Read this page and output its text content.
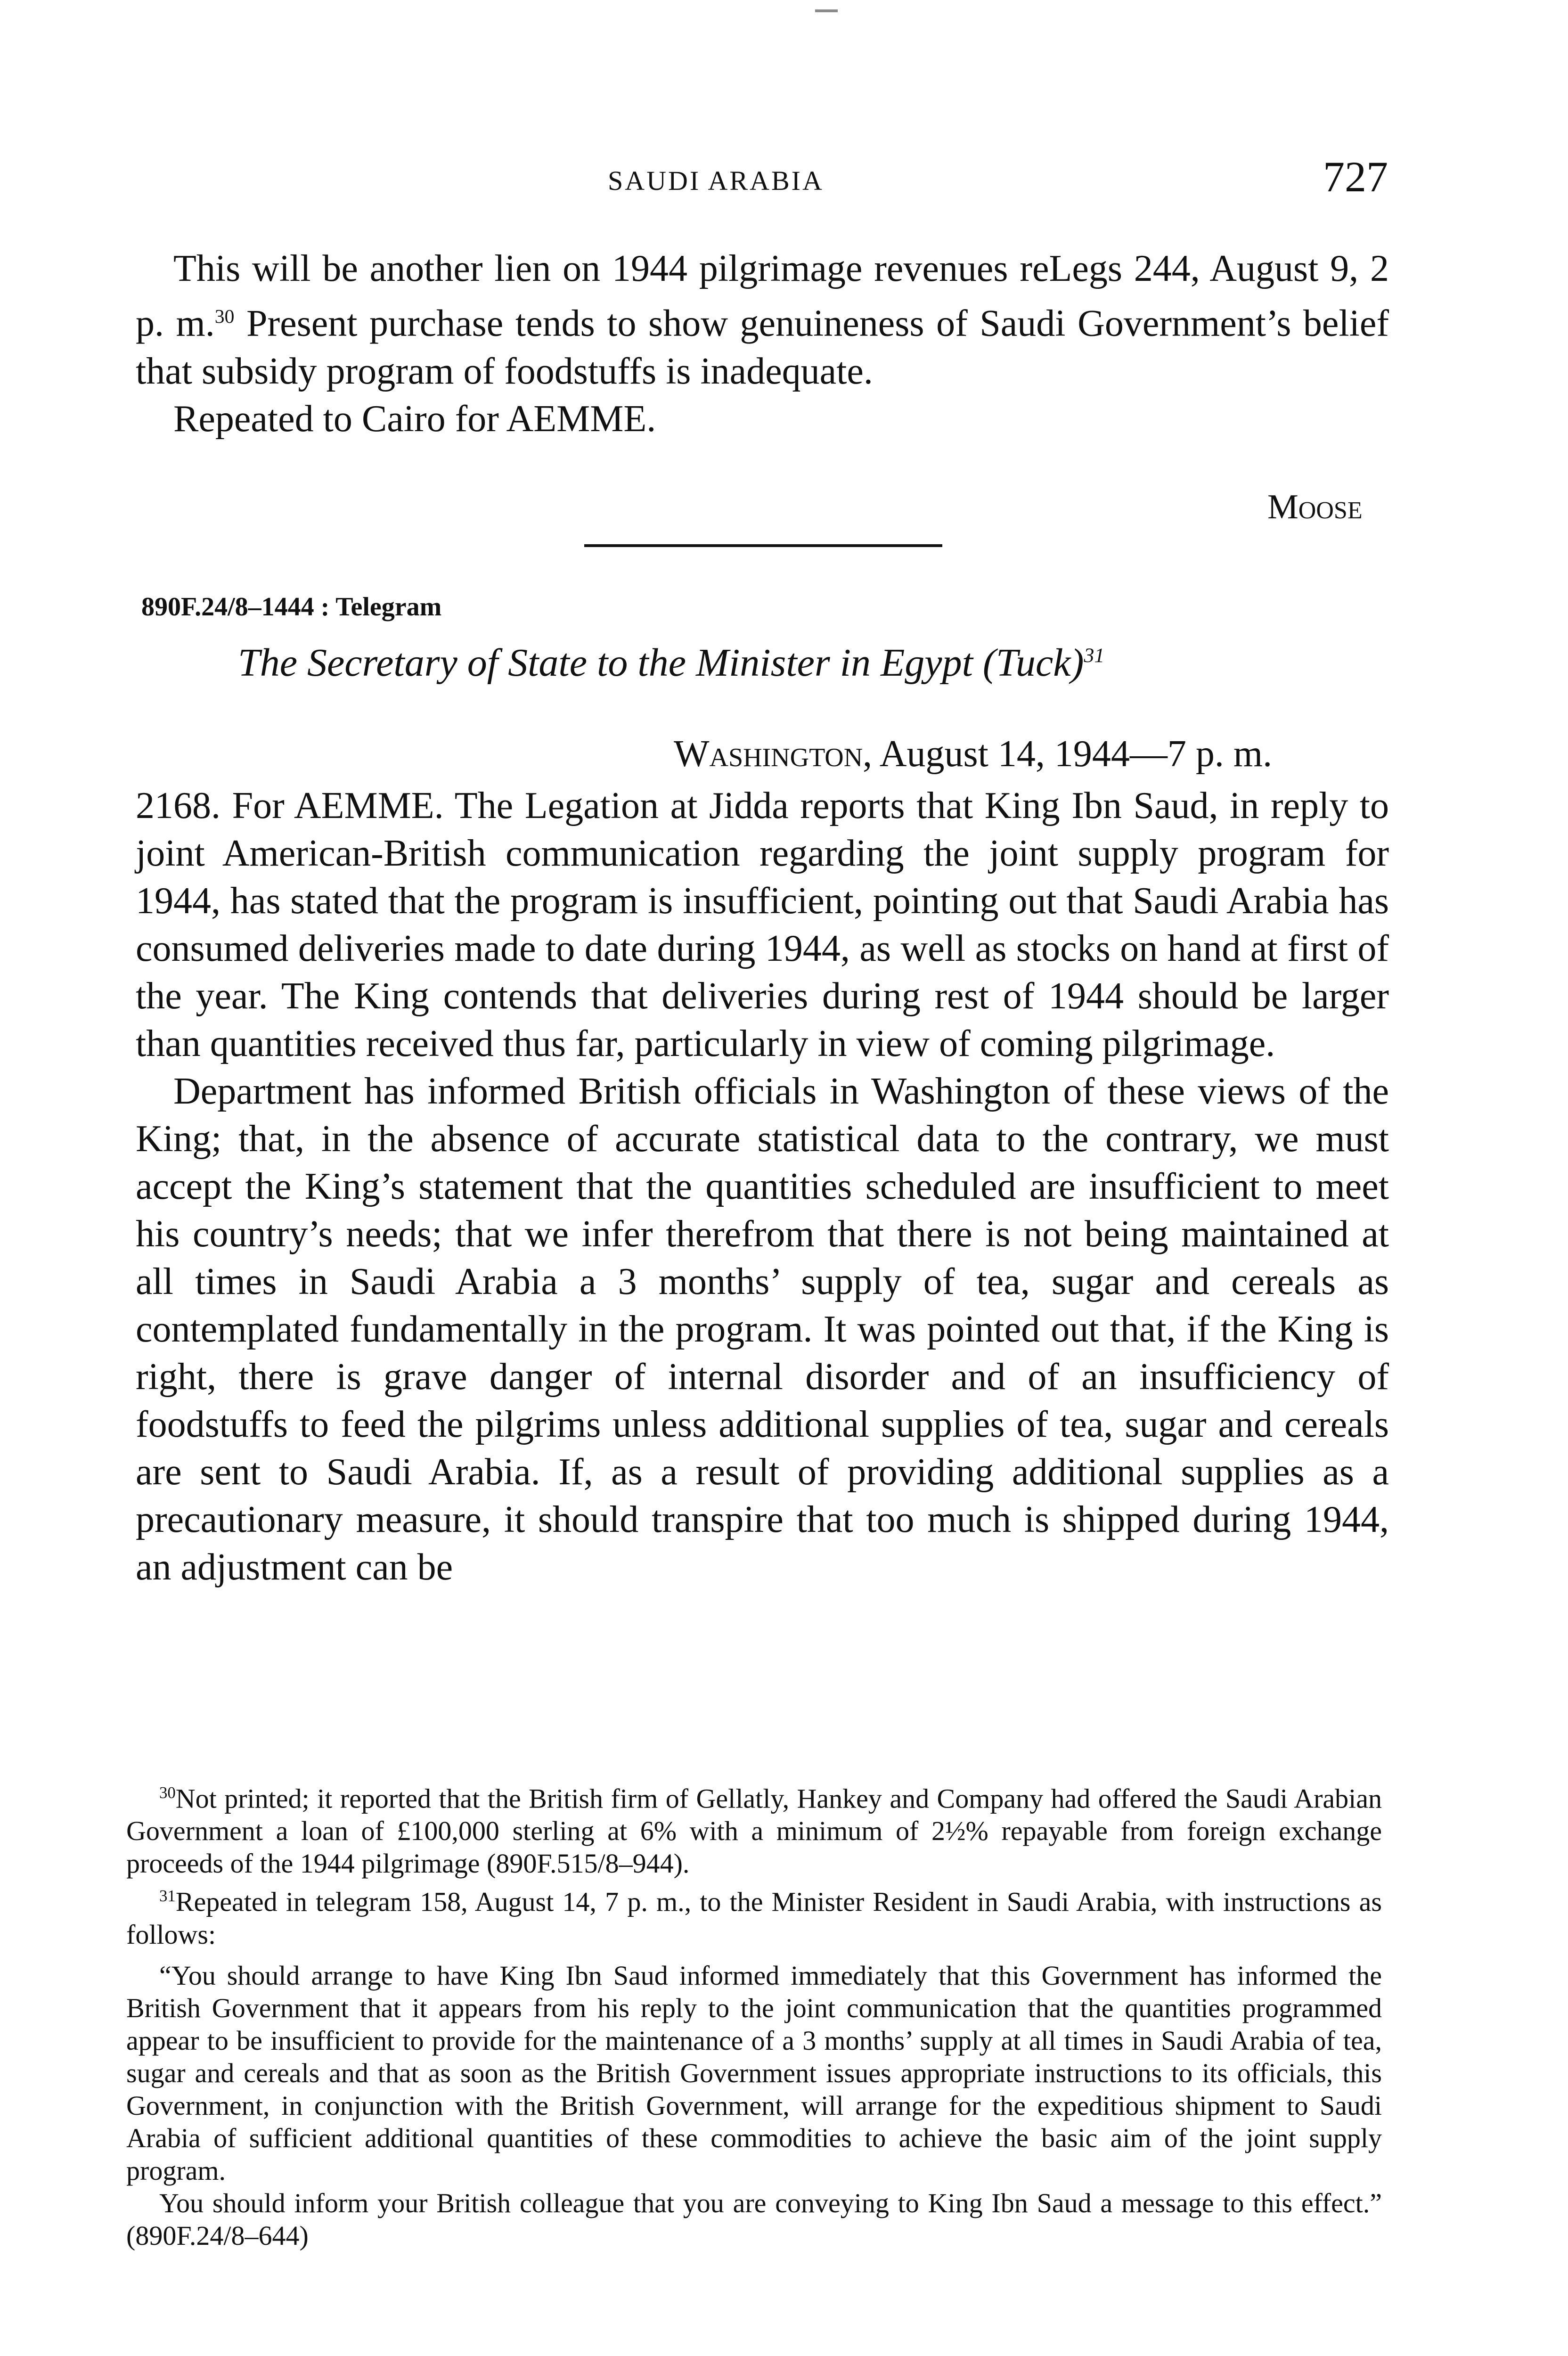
SAUDI ARABIA	727

This will be another lien on 1944 pilgrimage revenues reLegs 244, August 9, 2 p. m.$^{30}$ Present purchase tends to show genuineness of Saudi Government’s belief that subsidy program of foodstuffs is inadequate.

Repeated to Cairo for AEMME.

Moose
890F.24/8–1444 : Telegram
The Secretary of State to the Minister in Egypt (Tuck)$^{31}$
Washington, August 14, 1944—7 p. m.

2168. For AEMME. The Legation at Jidda reports that King Ibn Saud, in reply to joint American-British communication regarding the joint supply program for 1944, has stated that the program is insufficient, pointing out that Saudi Arabia has consumed deliveries made to date during 1944, as well as stocks on hand at first of the year. The King contends that deliveries during rest of 1944 should be larger than quantities received thus far, particularly in view of coming pilgrimage.

Department has informed British officials in Washington of these views of the King; that, in the absence of accurate statistical data to the contrary, we must accept the King’s statement that the quantities scheduled are insufficient to meet his country’s needs; that we infer therefrom that there is not being maintained at all times in Saudi Arabia a 3 months’ supply of tea, sugar and cereals as contemplated fundamentally in the program. It was pointed out that, if the King is right, there is grave danger of internal disorder and of an insufficiency of foodstuffs to feed the pilgrims unless additional supplies of tea, sugar and cereals are sent to Saudi Arabia. If, as a result of providing additional supplies as a precautionary measure, it should transpire that too much is shipped during 1944, an adjustment can be

$^{30}$Not printed; it reported that the British firm of Gellatly, Hankey and Company had offered the Saudi Arabian Government a loan of £100,000 sterling at 6% with a minimum of 2½% repayable from foreign exchange proceeds of the 1944 pilgrimage (890F.515/8–944).

$^{31}$Repeated in telegram 158, August 14, 7 p. m., to the Minister Resident in Saudi Arabia, with instructions as follows:

“You should arrange to have King Ibn Saud informed immediately that this Government has informed the British Government that it appears from his reply to the joint communication that the quantities programmed appear to be insufficient to provide for the maintenance of a 3 months’ supply at all times in Saudi Arabia of tea, sugar and cereals and that as soon as the British Government issues appropriate instructions to its officials, this Government, in conjunction with the British Government, will arrange for the expeditious shipment to Saudi Arabia of sufficient additional quantities of these commodities to achieve the basic aim of the joint supply program.

You should inform your British colleague that you are conveying to King Ibn Saud a message to this effect.” (890F.24/8–644)
